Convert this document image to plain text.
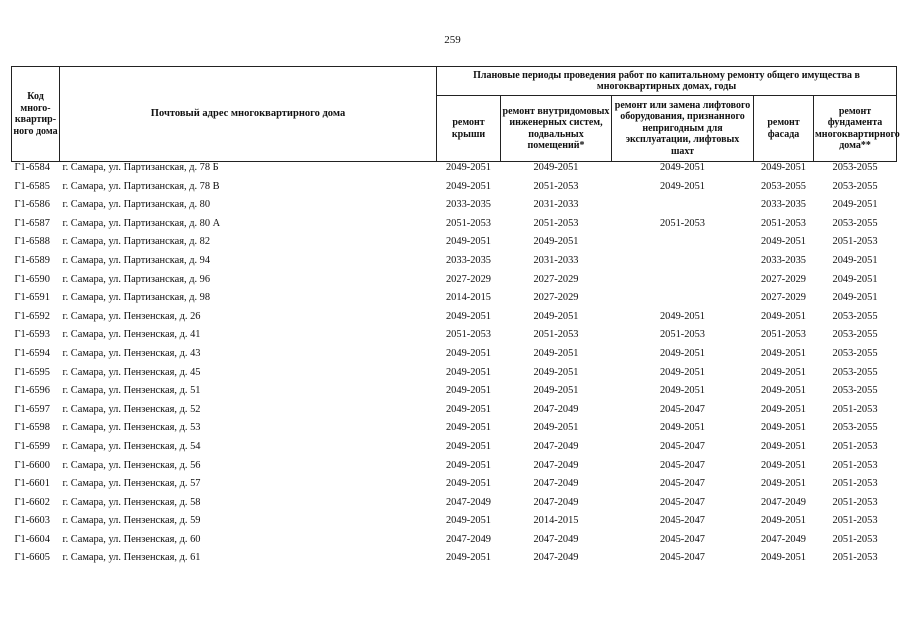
259
Код много-квартир-ного дома	Почтовый адрес многоквартирного дома	Плановые периоды проведения работ по капитальному ремонту общего имущества в многоквартирных домах, годы				
		ремонт крыши	ремонт внутридомовых инженерных систем, подвальных помещений*	ремонт или замена лифтового оборудования, признанного непригодным для эксплуатации, лифтовых шахт	ремонт фасада	ремонт фундамента многоквартирного дома**
Г1-6584	г. Самара, ул. Партизанская, д. 78 Б	2049-2051	2049-2051	2049-2051	2049-2051	2053-2055
Г1-6585	г. Самара, ул. Партизанская, д. 78 В	2049-2051	2051-2053	2049-2051	2053-2055	2053-2055
Г1-6586	г. Самара, ул. Партизанская, д. 80	2033-2035	2031-2033		2033-2035	2049-2051
Г1-6587	г. Самара, ул. Партизанская, д. 80 А	2051-2053	2051-2053	2051-2053	2051-2053	2053-2055
Г1-6588	г. Самара, ул. Партизанская, д. 82	2049-2051	2049-2051		2049-2051	2051-2053
Г1-6589	г. Самара, ул. Партизанская, д. 94	2033-2035	2031-2033		2033-2035	2049-2051
Г1-6590	г. Самара, ул. Партизанская, д. 96	2027-2029	2027-2029		2027-2029	2049-2051
Г1-6591	г. Самара, ул. Партизанская, д. 98	2014-2015	2027-2029		2027-2029	2049-2051
Г1-6592	г. Самара, ул. Пензенская, д. 26	2049-2051	2049-2051	2049-2051	2049-2051	2053-2055
Г1-6593	г. Самара, ул. Пензенская, д. 41	2051-2053	2051-2053	2051-2053	2051-2053	2053-2055
Г1-6594	г. Самара, ул. Пензенская, д. 43	2049-2051	2049-2051	2049-2051	2049-2051	2053-2055
Г1-6595	г. Самара, ул. Пензенская, д. 45	2049-2051	2049-2051	2049-2051	2049-2051	2053-2055
Г1-6596	г. Самара, ул. Пензенская, д. 51	2049-2051	2049-2051	2049-2051	2049-2051	2053-2055
Г1-6597	г. Самара, ул. Пензенская, д. 52	2049-2051	2047-2049	2045-2047	2049-2051	2051-2053
Г1-6598	г. Самара, ул. Пензенская, д. 53	2049-2051	2049-2051	2049-2051	2049-2051	2053-2055
Г1-6599	г. Самара, ул. Пензенская, д. 54	2049-2051	2047-2049	2045-2047	2049-2051	2051-2053
Г1-6600	г. Самара, ул. Пензенская, д. 56	2049-2051	2047-2049	2045-2047	2049-2051	2051-2053
Г1-6601	г. Самара, ул. Пензенская, д. 57	2049-2051	2047-2049	2045-2047	2049-2051	2051-2053
Г1-6602	г. Самара, ул. Пензенская, д. 58	2047-2049	2047-2049	2045-2047	2047-2049	2051-2053
Г1-6603	г. Самара, ул. Пензенская, д. 59	2049-2051	2014-2015	2045-2047	2049-2051	2051-2053
Г1-6604	г. Самара, ул. Пензенская, д. 60	2047-2049	2047-2049	2045-2047	2047-2049	2051-2053
Г1-6605	г. Самара, ул. Пензенская, д. 61	2049-2051	2047-2049	2045-2047	2049-2051	2051-2053
